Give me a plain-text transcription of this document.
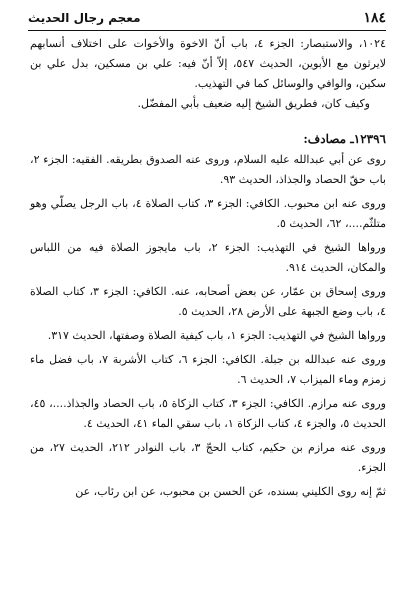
١٨٤
معجم رجال الحديث

١٠٢٤، والاستبصار: الجزء ٤، باب أنّ الاخوة والأخوات على اختلاف أنسابهم لايرثون مع الأبوين، الحديث ٥٤٧، إلاّ أنّ فيه: علي بن مسكين، بدل علي بن سكين، والوافي والوسائل كما في التهذيب.

وكيف كان، فطريق الشيخ إليه ضعيف بأبي المفضّل.

١٢٣٩٦ـ مصادف:

روى عن أبي عبدالله عليه السلام، وروى عنه الصدوق بطريقه. الفقيه: الجزء ٢، باب حقّ الحصاد والجذاذ، الحديث ٩٣.

وروى عنه ابن محبوب. الكافي: الجزء ٣، كتاب الصلاة ٤، باب الرجل يصلّي وهو متلثّم....، ٦٢، الحديث ٥.

ورواها الشيخ في التهذيب: الجزء ٢، باب مايجوز الصلاة فيه من اللباس والمكان، الحديث ٩١٤.

وروى إسحاق بن عمّار، عن بعض أصحابه، عنه. الكافي: الجزء ٣، كتاب الصلاة ٤، باب وضع الجبهة على الأرض ٢٨، الحديث ٥.

ورواها الشيخ في التهذيب: الجزء ١، باب كيفية الصلاة وصفتها، الحديث ٣١٧.

وروى عنه عبدالله بن جبلة. الكافي: الجزء ٦، كتاب الأشربة ٧، باب فضل ماء زمزم وماء الميزاب ٧، الحديث ٦.

وروى عنه مرازم. الكافي: الجزء ٣، كتاب الزكاة ٥، باب الحصاد والجذاذ....، ٤٥، الحديث ٥، والجزء ٤، كتاب الزكاة ١، باب سقي الماء ٤١، الحديث ٤.

وروى عنه مرازم بن حكيم، كتاب الحجّ ٣، باب النوادر ٢١٢، الحديث ٢٧، من الجزء.

ثمّ إنه روى الكليني بسنده، عن الحسن بن محبوب، عن ابن رئاب، عن
